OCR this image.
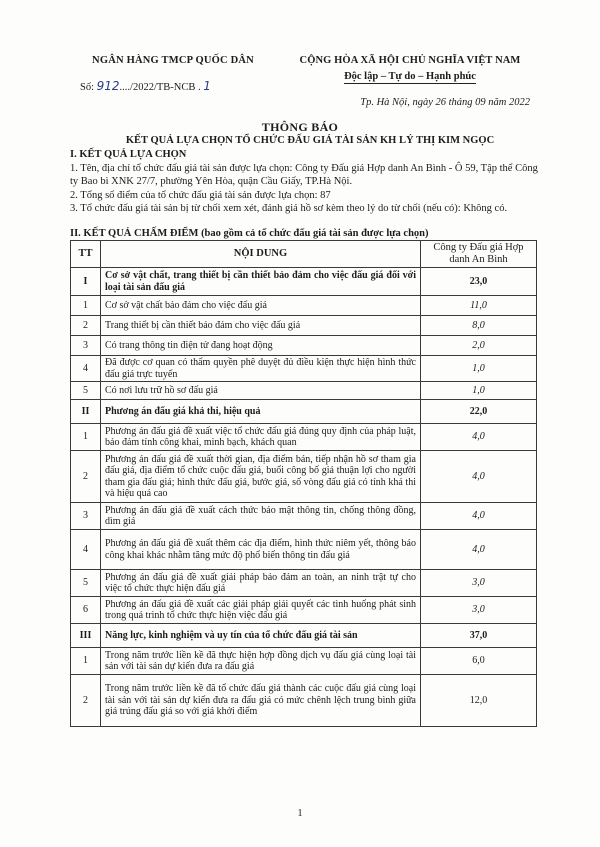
NGÂN HÀNG TMCP QUỐC DÂN
Số: 912..../2022/TB-NCB . 1
CỘNG HÒA XÃ HỘI CHỦ NGHĨA VIỆT NAM
Độc lập – Tự do – Hạnh phúc
Tp. Hà Nội, ngày 26 tháng 09 năm 2022
THÔNG BÁO
KẾT QUẢ LỰA CHỌN TỔ CHỨC ĐẤU GIÁ TÀI SẢN KH LÝ THỊ KIM NGỌC
I. KẾT QUẢ LỰA CHỌN
1. Tên, địa chỉ tổ chức đấu giá tài sản được lựa chọn: Công ty Đấu giá Hợp danh An Bình - Ô 59, Tập thể Công ty Bao bì XNK 27/7, phường Yên Hòa, quận Cầu Giấy, TP.Hà Nội.
2. Tổng số điểm của tổ chức đấu giá tài sản được lựa chọn: 87
3. Tổ chức đấu giá tài sản bị từ chối xem xét, đánh giá hồ sơ kèm theo lý do từ chối (nếu có): Không có.
II. KẾT QUẢ CHẤM ĐIỂM (bao gồm cả tổ chức đấu giá tài sản được lựa chọn)
TT	NỘI DUNG	Công ty Đấu giá Hợp danh An Bình
I	Cơ sở vật chất, trang thiết bị cần thiết bảo đảm cho việc đấu giá đối với loại tài sản đấu giá	23,0
1	Cơ sở vật chất bảo đảm cho việc đấu giá	11,0
2	Trang thiết bị cần thiết bảo đảm cho việc đấu giá	8,0
3	Có trang thông tin điện tử đang hoạt động	2,0
4	Đã được cơ quan có thẩm quyền phê duyệt đủ điều kiện thực hiện hình thức đấu giá trực tuyến	1,0
5	Có nơi lưu trữ hồ sơ đấu giá	1,0
II	Phương án đấu giá khả thi, hiệu quả	22,0
1	Phương án đấu giá đề xuất việc tổ chức đấu giá đúng quy định của pháp luật, bảo đảm tính công khai, minh bạch, khách quan	4,0
2	Phương án đấu giá đề xuất thời gian, địa điểm bán, tiếp nhận hồ sơ tham gia đấu giá, địa điểm tổ chức cuộc đấu giá, buổi công bố giá thuận lợi cho người tham gia đấu giá; hình thức đấu giá, bước giá, số vòng đấu giá có tính khả thi và hiệu quả cao	4,0
3	Phương án đấu giá đề xuất cách thức bảo mật thông tin, chống thông đồng, dìm giá	4,0
4	Phương án đấu giá đề xuất thêm các địa điểm, hình thức niêm yết, thông báo công khai khác nhằm tăng mức độ phổ biến thông tin đấu giá	4,0
5	Phương án đấu giá đề xuất giải pháp bảo đảm an toàn, an ninh trật tự cho việc tổ chức thực hiện đấu giá	3,0
6	Phương án đấu giá đề xuất các giải pháp giải quyết các tình huống phát sinh trong quá trình tổ chức thực hiện việc đấu giá	3,0
III	Năng lực, kinh nghiệm và uy tín của tổ chức đấu giá tài sản	37,0
1	Trong năm trước liền kề đã thực hiện hợp đồng dịch vụ đấu giá cùng loại tài sản với tài sản dự kiến đưa ra đấu giá	6,0
2	Trong năm trước liền kề đã tổ chức đấu giá thành các cuộc đấu giá cùng loại tài sản với tài sản dự kiến đưa ra đấu giá có mức chênh lệch trung bình giữa giá trúng đấu giá so với giá khởi điểm	12,0
1
